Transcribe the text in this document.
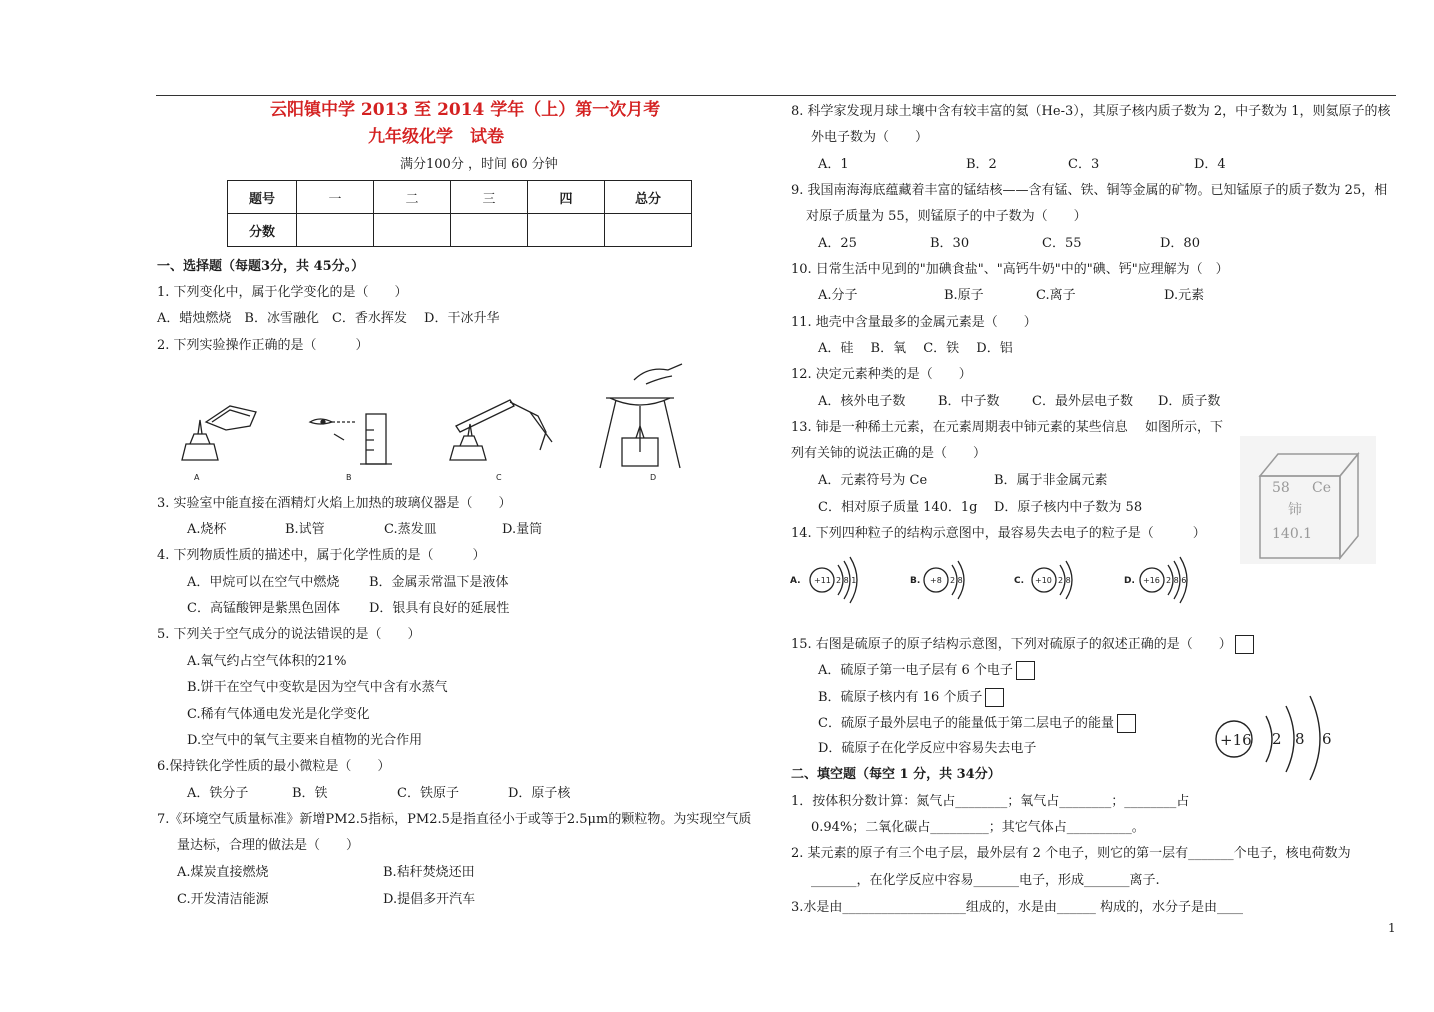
云阳镇中学 2013 至 2014 学年（上）第一次月考
九年级化学　试卷
满分100分 ，时间 60 分钟
题号	一	二	三	四	总分
分数					
一、选择题（每题3分，共 45分。）
1. 下列变化中，属于化学变化的是（　　）
A．蜡烛燃烧　B．冰雪融化　C．香水挥发　 D．干冰升华
2. 下列实验操作正确的是（　　　）
A	B	C	D
3. 实验室中能直接在酒精灯火焰上加热的玻璃仪器是（　　）
A.烧杯	B.试管	C.蒸发皿	D.量筒
4. 下列物质性质的描述中，属于化学性质的是（　　　）
A．甲烷可以在空气中燃烧 B．金属汞常温下是液体
C．高锰酸钾是紫黑色固体 D．银具有良好的延展性
5. 下列关于空气成分的说法错误的是（　　）
A.氧气约占空气体积的21%
B.饼干在空气中变软是因为空气中含有水蒸气
C.稀有气体通电发光是化学变化
D.空气中的氧气主要来自植物的光合作用
6.保持铁化学性质的最小微粒是（　　）
A．铁分子	B．铁	C．铁原子	D．原子核
7.《环境空气质量标准》新增PM2.5指标，PM2.5是指直径小于或等于2.5μm的颗粒物。为实现空气质
量达标，合理的做法是（　　）
A.煤炭直接燃烧	B.秸秆焚烧还田
C.开发清洁能源	D.提倡多开汽车
8. 科学家发现月球土壤中含有较丰富的氦（He-3），其原子核内质子数为 2，中子数为 1，则氦原子的核
外电子数为（　　）
A．1	B．2	C．3	D．4
9. 我国南海海底蕴藏着丰富的锰结核——含有锰、铁、铜等金属的矿物。已知锰原子的质子数为 25，相
对原子质量为 55，则锰原子的中子数为（　　）
A．25	B．30	C．55	D．80
10. 日常生活中见到的"加碘食盐"、"高钙牛奶"中的"碘、钙"应理解为（　）
A.分子	B.原子	C.离子	D.元素
11. 地壳中含量最多的金属元素是（　　）
A．硅　 B．氧　 C．铁　 D．铝
12. 决定元素种类的是（　　）
A．核外电子数	B．中子数 C．最外层电子数 D．质子数
13. 铈是一种稀土元素，在元素周期表中铈元素的某些信息　 如图所示，下
列有关铈的说法正确的是（　　）
A．元素符号为 Ce	B．属于非金属元素
C．相对原子质量 140．1g D．原子核内中子数为 58
58 Ce
铈
140.1
14. 下列四种粒子的结构示意图中，最容易失去电子的粒子是（　　　）
A.	B.	C.	D.
+11 2 8 1	+8 2 8	+10 2 8	+16 2 8 6
15. 右图是硫原子的原子结构示意图，下列对硫原子的叙述正确的是（　　）
A．硫原子第一电子层有 6 个电子
B．硫原子核内有 16 个质子
C．硫原子最外层电子的能量低于第二层电子的能量
D．硫原子在化学反应中容易失去电子	+16 2 8 6
二、填空题（每空 1 分，共 34分）
1．按体积分数计算：氮气占________；氧气占________；________占
0.94%；二氧化碳占_________；其它气体占__________。
2. 某元素的原子有三个电子层，最外层有 2 个电子，则它的第一层有_______个电子，核电荷数为
_______，在化学反应中容易_______电子，形成_______离子.
3.水是由___________________组成的，水是由______ 构成的，水分子是由____
1
